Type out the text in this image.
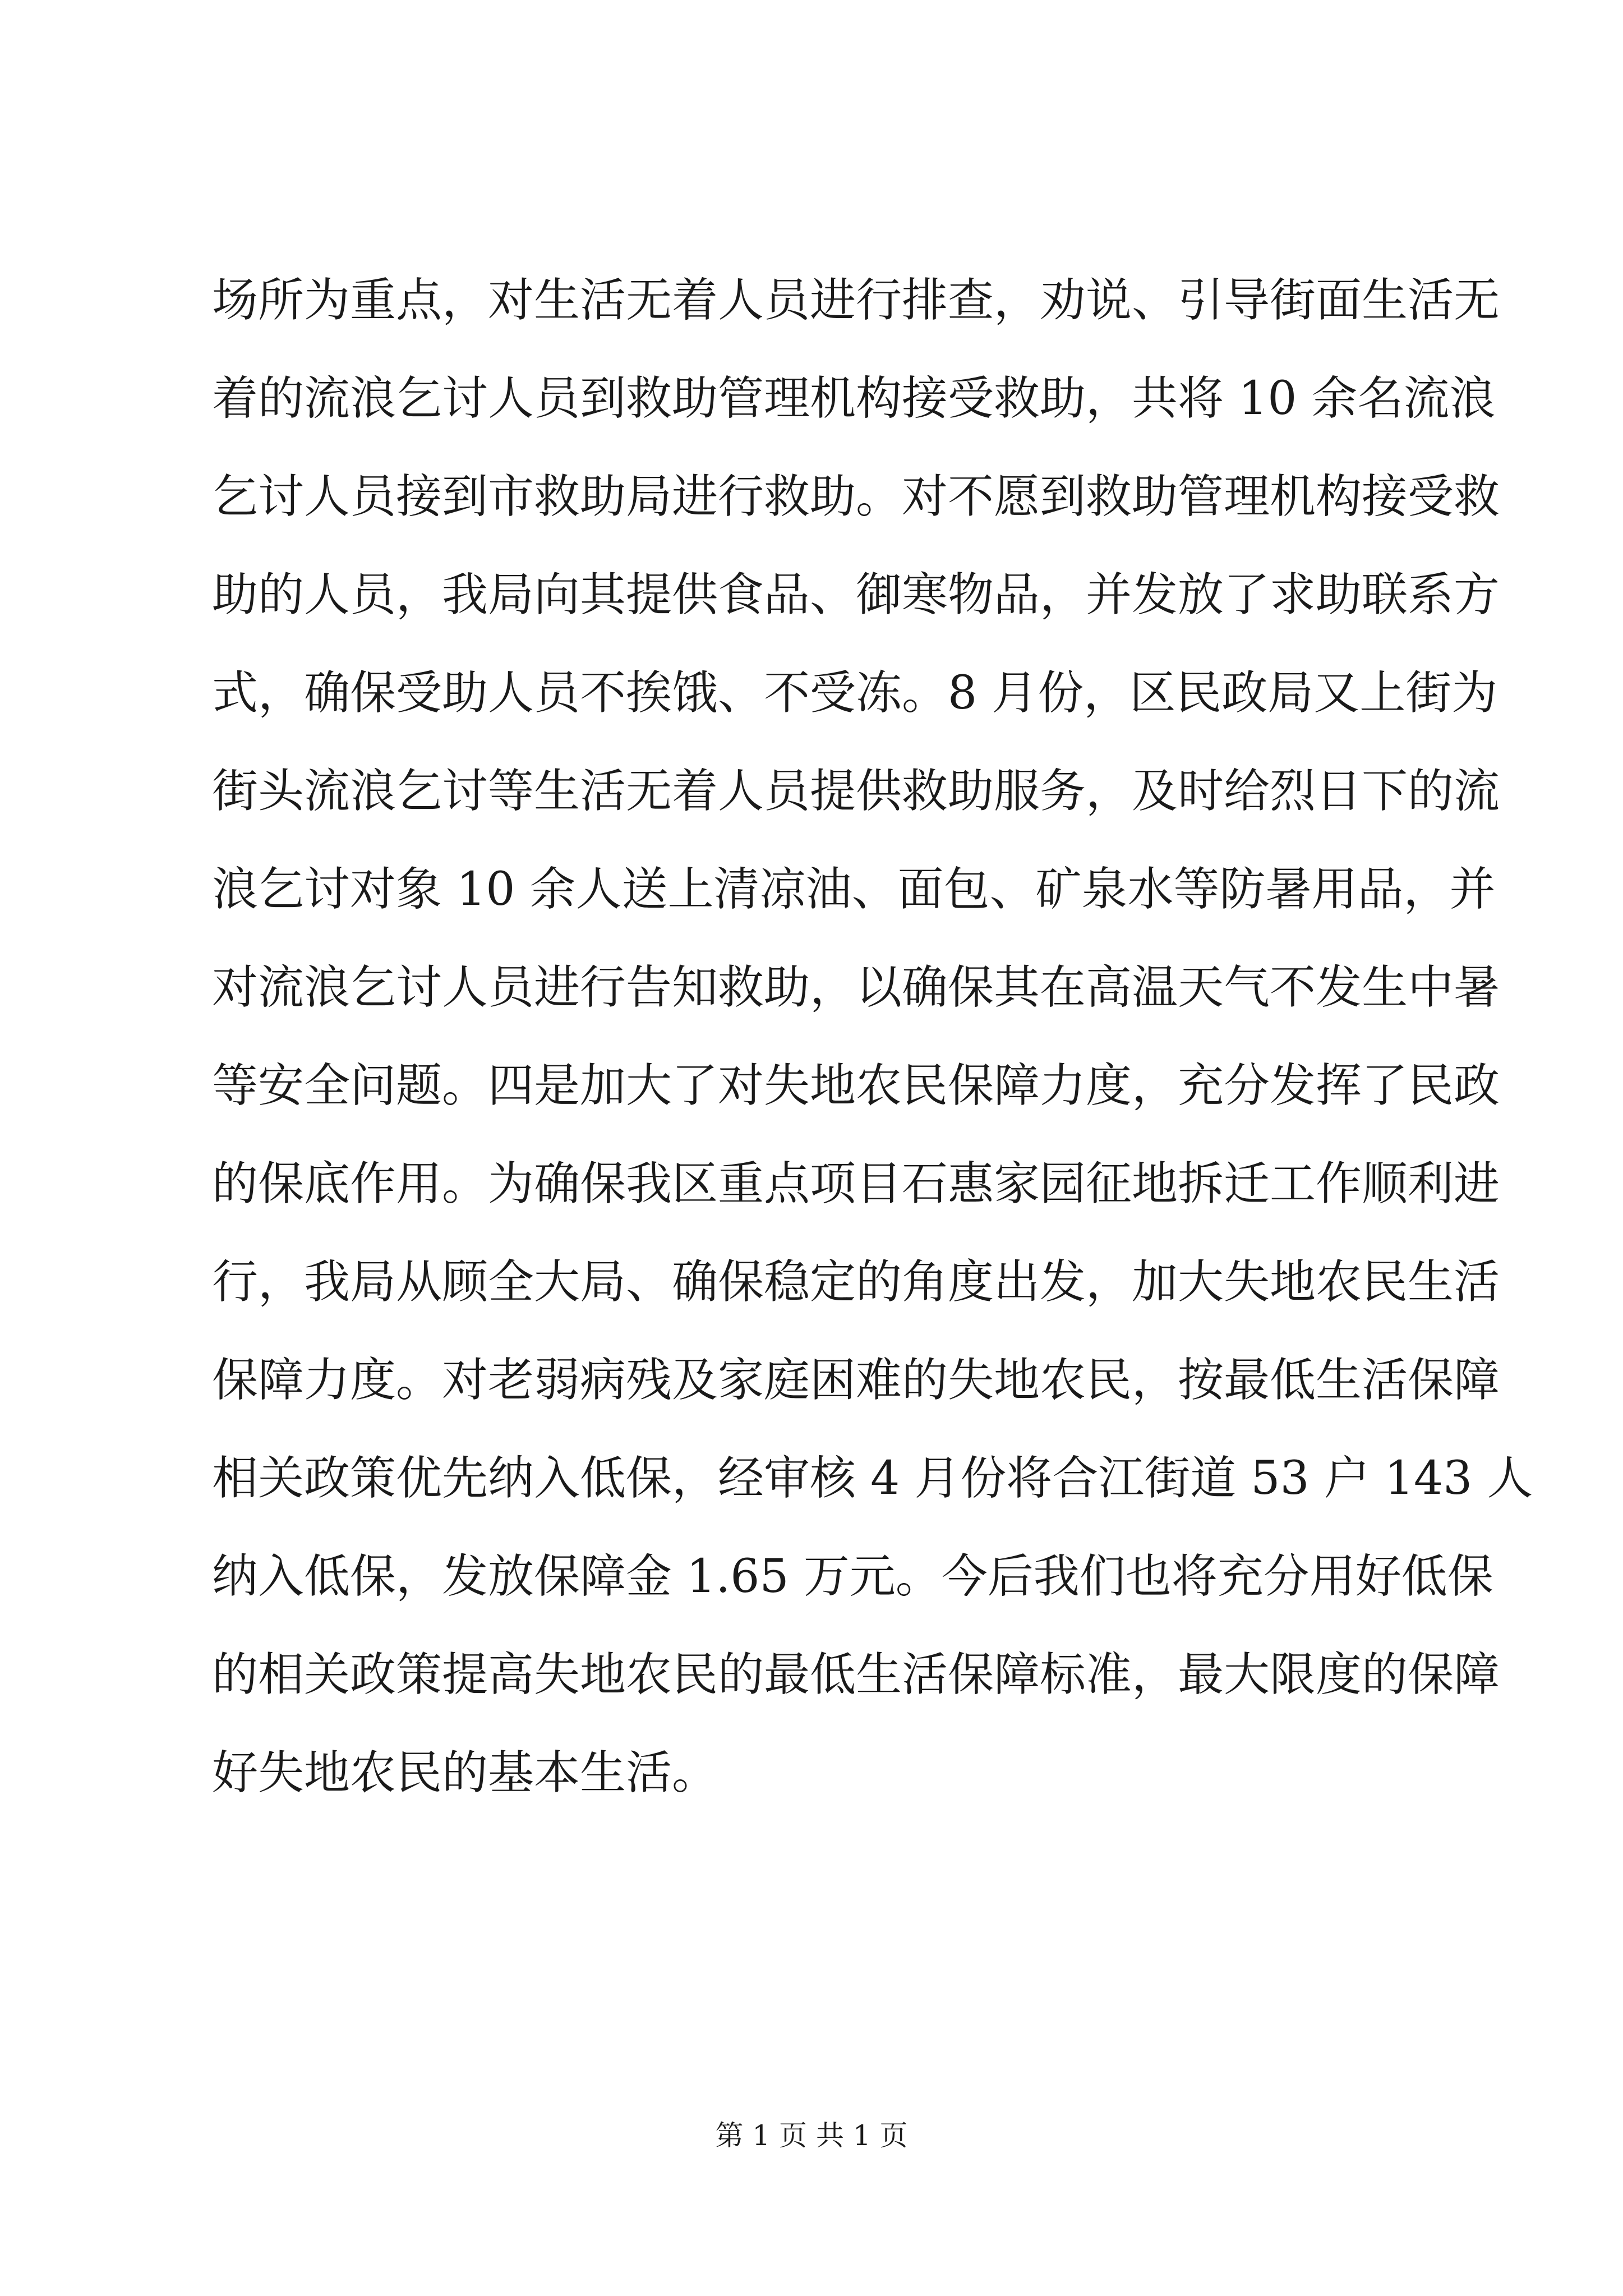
场所为重点，对生活无着人员进行排查，劝说、引导街面生活无
着的流浪乞讨人员到救助管理机构接受救助，共将 10 余名流浪
乞讨人员接到市救助局进行救助。对不愿到救助管理机构接受救
助的人员，我局向其提供食品、御寒物品，并发放了求助联系方
式，确保受助人员不挨饿、不受冻。8 月份，区民政局又上街为
街头流浪乞讨等生活无着人员提供救助服务，及时给烈日下的流
浪乞讨对象 10 余人送上清凉油、面包、矿泉水等防暑用品，并
对流浪乞讨人员进行告知救助，以确保其在高温天气不发生中暑
等安全问题。四是加大了对失地农民保障力度，充分发挥了民政
的保底作用。为确保我区重点项目石惠家园征地拆迁工作顺利进
行，我局从顾全大局、确保稳定的角度出发，加大失地农民生活
保障力度。对老弱病残及家庭困难的失地农民，按最低生活保障
相关政策优先纳入低保，经审核 4 月份将合江街道 53 户 143 人
纳入低保，发放保障金 1.65 万元。今后我们也将充分用好低保
的相关政策提高失地农民的最低生活保障标准，最大限度的保障
好失地农民的基本生活。
第 1 页 共 1 页
